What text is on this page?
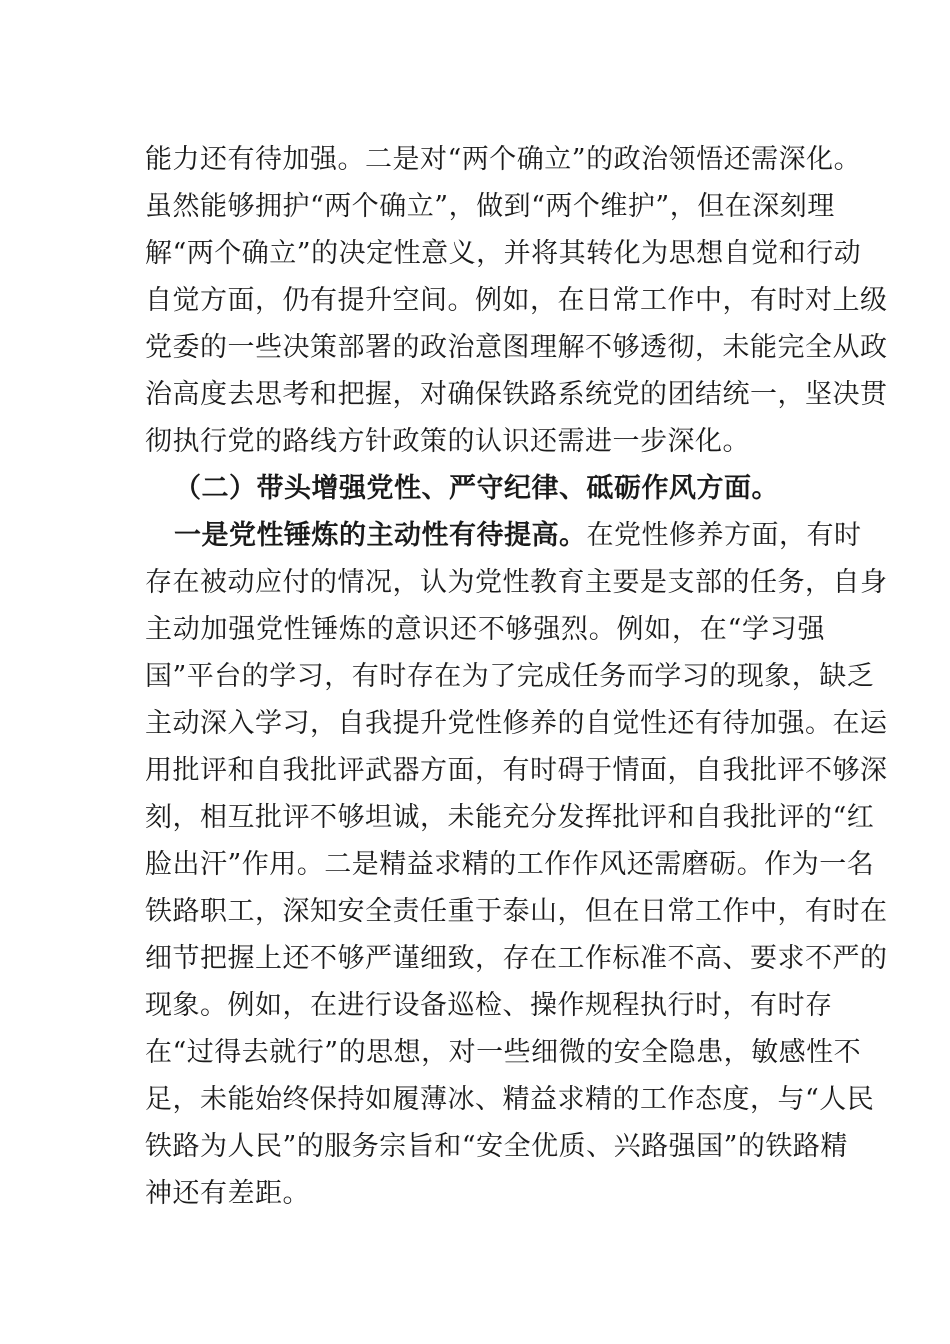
能力还有待加强。二是对“两个确立”的政治领悟还需深化。
虽然能够拥护“两个确立”，做到“两个维护”，但在深刻理
解“两个确立”的决定性意义，并将其转化为思想自觉和行动
自觉方面，仍有提升空间。例如，在日常工作中，有时对上级
党委的一些决策部署的政治意图理解不够透彻，未能完全从政
治高度去思考和把握，对确保铁路系统党的团结统一，坚决贯
彻执行党的路线方针政策的认识还需进一步深化。
（二）带头增强党性、严守纪律、砥砺作风方面。
一是党性锤炼的主动性有待提高。在党性修养方面，有时
存在被动应付的情况，认为党性教育主要是支部的任务，自身
主动加强党性锤炼的意识还不够强烈。例如，在“学习强
国”平台的学习，有时存在为了完成任务而学习的现象，缺乏
主动深入学习，自我提升党性修养的自觉性还有待加强。在运
用批评和自我批评武器方面，有时碍于情面，自我批评不够深
刻，相互批评不够坦诚，未能充分发挥批评和自我批评的“红
脸出汗”作用。二是精益求精的工作作风还需磨砺。作为一名
铁路职工，深知安全责任重于泰山，但在日常工作中，有时在
细节把握上还不够严谨细致，存在工作标准不高、要求不严的
现象。例如，在进行设备巡检、操作规程执行时，有时存
在“过得去就行”的思想，对一些细微的安全隐患，敏感性不
足，未能始终保持如履薄冰、精益求精的工作态度，与“人民
铁路为人民”的服务宗旨和“安全优质、兴路强国”的铁路精
神还有差距。
